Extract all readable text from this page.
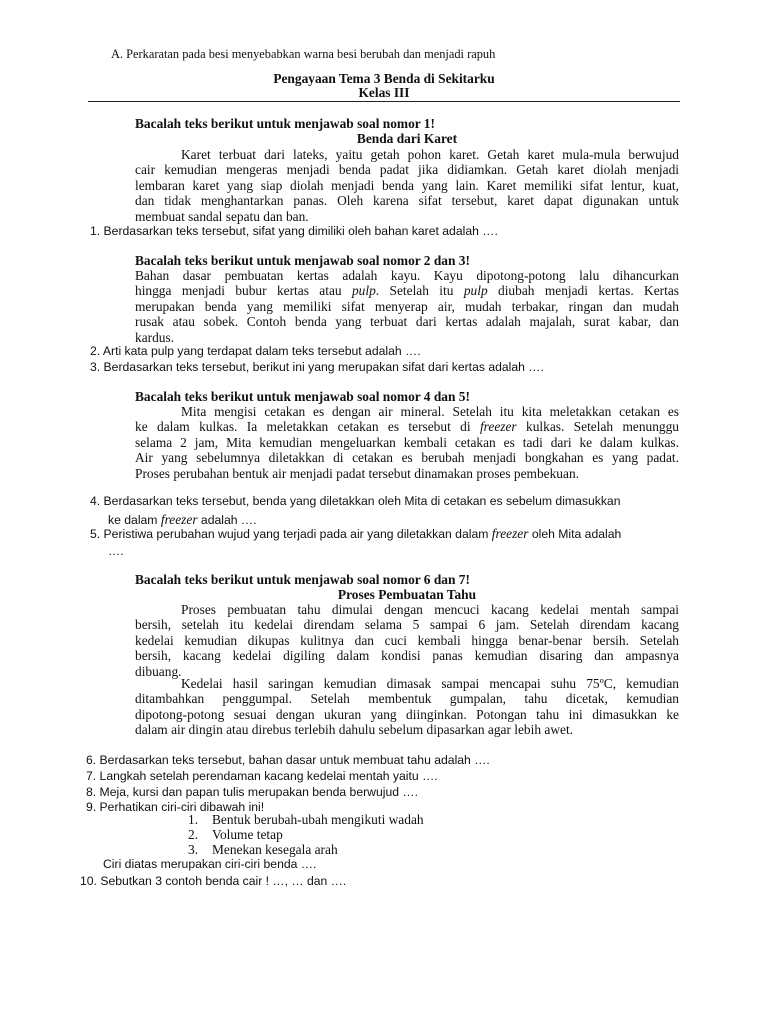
A. Perkaratan pada besi menyebabkan warna besi berubah dan menjadi rapuh
Pengayaan Tema 3 Benda di Sekitarku
Kelas III
Bacalah teks berikut untuk menjawab soal nomor 1!
Benda dari Karet
Karet terbuat dari lateks, yaitu getah pohon karet. Getah karet mula-mula berwujud
cair kemudian mengeras menjadi benda padat jika didiamkan. Getah karet diolah menjadi
lembaran karet yang siap diolah menjadi benda yang lain. Karet memiliki sifat lentur, kuat,
dan tidak menghantarkan panas. Oleh karena sifat tersebut, karet dapat digunakan untuk
membuat sandal sepatu dan ban.
1. Berdasarkan teks tersebut, sifat yang dimiliki oleh bahan karet adalah ….
Bacalah teks berikut untuk menjawab soal nomor 2 dan 3!
Bahan dasar pembuatan kertas adalah kayu. Kayu dipotong-potong lalu dihancurkan
hingga menjadi bubur kertas atau pulp. Setelah itu pulp diubah menjadi kertas. Kertas
merupakan benda yang memiliki sifat menyerap air, mudah terbakar, ringan dan mudah
rusak atau sobek. Contoh benda yang terbuat dari kertas adalah majalah, surat kabar, dan
kardus.
2. Arti kata pulp yang terdapat dalam teks tersebut adalah ….
3. Berdasarkan teks tersebut, berikut ini yang merupakan sifat dari kertas adalah ….
Bacalah teks berikut untuk menjawab soal nomor 4 dan 5!
Mita mengisi cetakan es dengan air mineral. Setelah itu kita meletakkan cetakan es
ke dalam kulkas. Ia meletakkan cetakan es tersebut di freezer kulkas. Setelah menunggu
selama 2 jam, Mita kemudian mengeluarkan kembali cetakan es tadi dari ke dalam kulkas.
Air yang sebelumnya diletakkan di cetakan es berubah menjadi bongkahan es yang padat.
Proses perubahan bentuk air menjadi padat tersebut dinamakan proses pembekuan.
4. Berdasarkan teks tersebut, benda yang diletakkan oleh Mita di cetakan es sebelum dimasukkan
ke dalam freezer adalah ….
5. Peristiwa perubahan wujud yang terjadi pada air yang diletakkan dalam freezer oleh Mita adalah
….
Bacalah teks berikut untuk menjawab soal nomor 6 dan 7!
Proses Pembuatan Tahu
Proses pembuatan tahu dimulai dengan mencuci kacang kedelai mentah sampai
bersih, setelah itu kedelai direndam selama 5 sampai 6 jam. Setelah direndam kacang
kedelai kemudian dikupas kulitnya dan cuci kembali hingga benar-benar bersih. Setelah
bersih, kacang kedelai digiling dalam kondisi panas kemudian disaring dan ampasnya
dibuang.
Kedelai hasil saringan kemudian dimasak sampai mencapai suhu 75ºC, kemudian
ditambahkan penggumpal. Setelah membentuk gumpalan, tahu dicetak, kemudian
dipotong-potong sesuai dengan ukuran yang diinginkan. Potongan tahu ini dimasukkan ke
dalam air dingin atau direbus terlebih dahulu sebelum dipasarkan agar lebih awet.
6. Berdasarkan teks tersebut, bahan dasar untuk membuat tahu adalah ….
7. Langkah setelah perendaman kacang kedelai mentah yaitu ….
8. Meja, kursi dan papan tulis merupakan benda berwujud ….
9. Perhatikan ciri-ciri dibawah ini!
1. Bentuk berubah-ubah mengikuti wadah
2. Volume tetap
3. Menekan kesegala arah
Ciri diatas merupakan ciri-ciri benda ….
10. Sebutkan 3 contoh benda cair ! …, … dan ….
